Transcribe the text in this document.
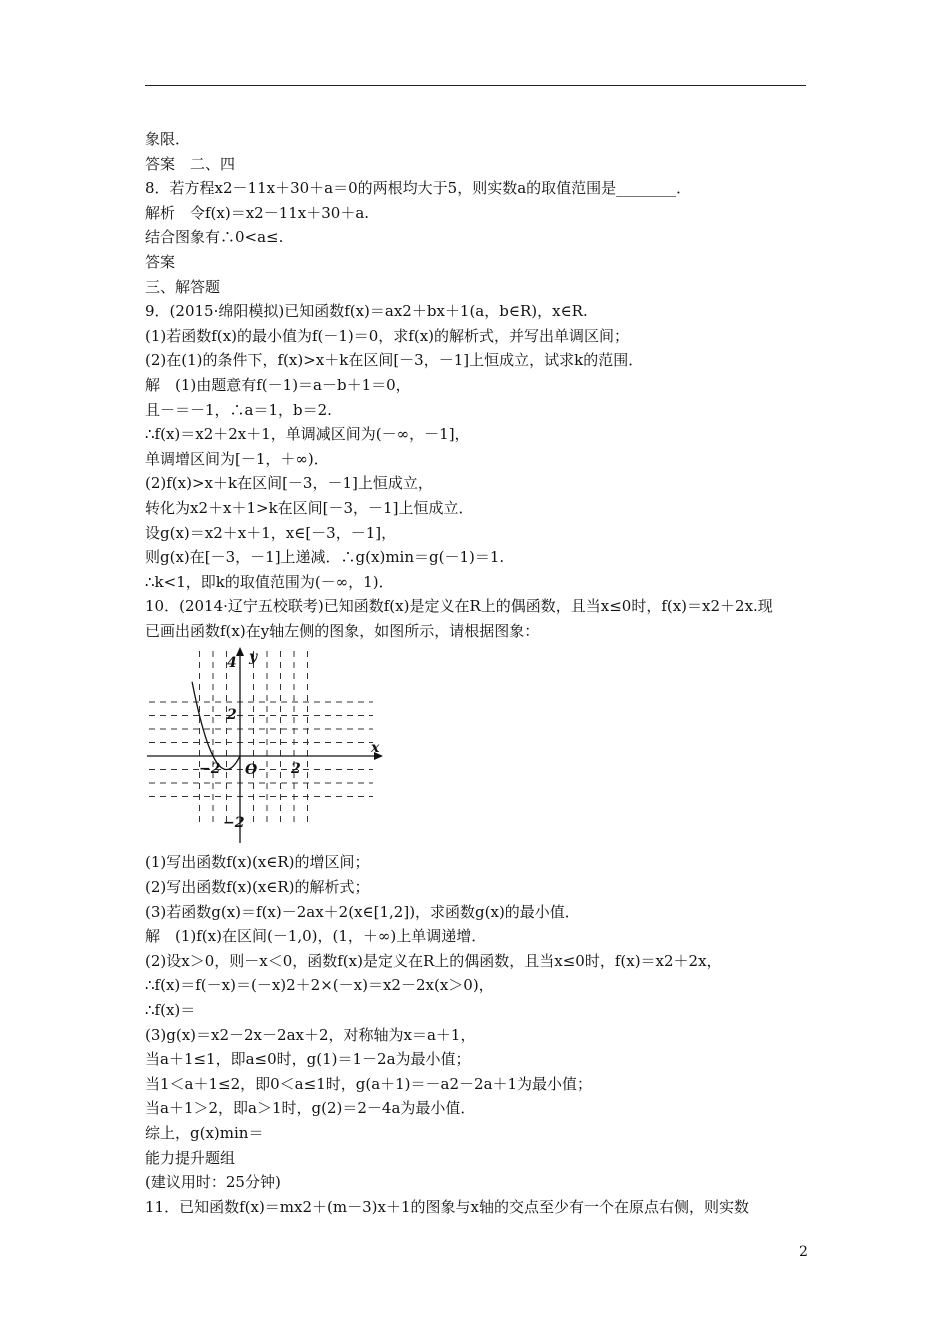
象限．
答案　二、四
8．若方程x2－11x＋30＋a＝0的两根均大于5，则实数a的取值范围是________．
解析　令f(x)＝x2－11x＋30＋a.
结合图象有∴0<a≤.
答案
三、解答题
9．(2015·绵阳模拟)已知函数f(x)＝ax2＋bx＋1(a，b∈R)，x∈R.
(1)若函数f(x)的最小值为f(－1)＝0，求f(x)的解析式，并写出单调区间；
(2)在(1)的条件下，f(x)>x＋k在区间[－3，－1]上恒成立，试求k的范围．
解　(1)由题意有f(－1)＝a－b＋1＝0，
且－＝－1，∴a＝1，b＝2.
∴f(x)＝x2＋2x＋1，单调减区间为(－∞，－1]，
单调增区间为[－1，＋∞)．
(2)f(x)>x＋k在区间[－3，－1]上恒成立，
转化为x2＋x＋1>k在区间[－3，－1]上恒成立．
设g(x)＝x2＋x＋1，x∈[－3，－1]，
则g(x)在[－3，－1]上递减．∴g(x)min＝g(－1)＝1.
∴k<1，即k的取值范围为(－∞，1)．
10．(2014·辽宁五校联考)已知函数f(x)是定义在R上的偶函数，且当x≤0时，f(x)＝x2＋2x.现
已画出函数f(x)在y轴左侧的图象，如图所示，请根据图象：
y
x
O
−2	2
4
2
−2
(1)写出函数f(x)(x∈R)的增区间；
(2)写出函数f(x)(x∈R)的解析式；
(3)若函数g(x)＝f(x)－2ax＋2(x∈[1,2])，求函数g(x)的最小值．
解　(1)f(x)在区间(－1,0)，(1，＋∞)上单调递增．
(2)设x＞0，则－x＜0，函数f(x)是定义在R上的偶函数，且当x≤0时，f(x)＝x2＋2x，
∴f(x)＝f(－x)＝(－x)2＋2×(－x)＝x2－2x(x＞0)，
∴f(x)＝
(3)g(x)＝x2－2x－2ax＋2，对称轴为x＝a＋1，
当a＋1≤1，即a≤0时，g(1)＝1－2a为最小值；
当1＜a＋1≤2，即0＜a≤1时，g(a＋1)＝－a2－2a＋1为最小值；
当a＋1＞2，即a＞1时，g(2)＝2－4a为最小值．
综上，g(x)min＝
能力提升题组
(建议用时：25分钟)
11．已知函数f(x)＝mx2＋(m－3)x＋1的图象与x轴的交点至少有一个在原点右侧，则实数
2
